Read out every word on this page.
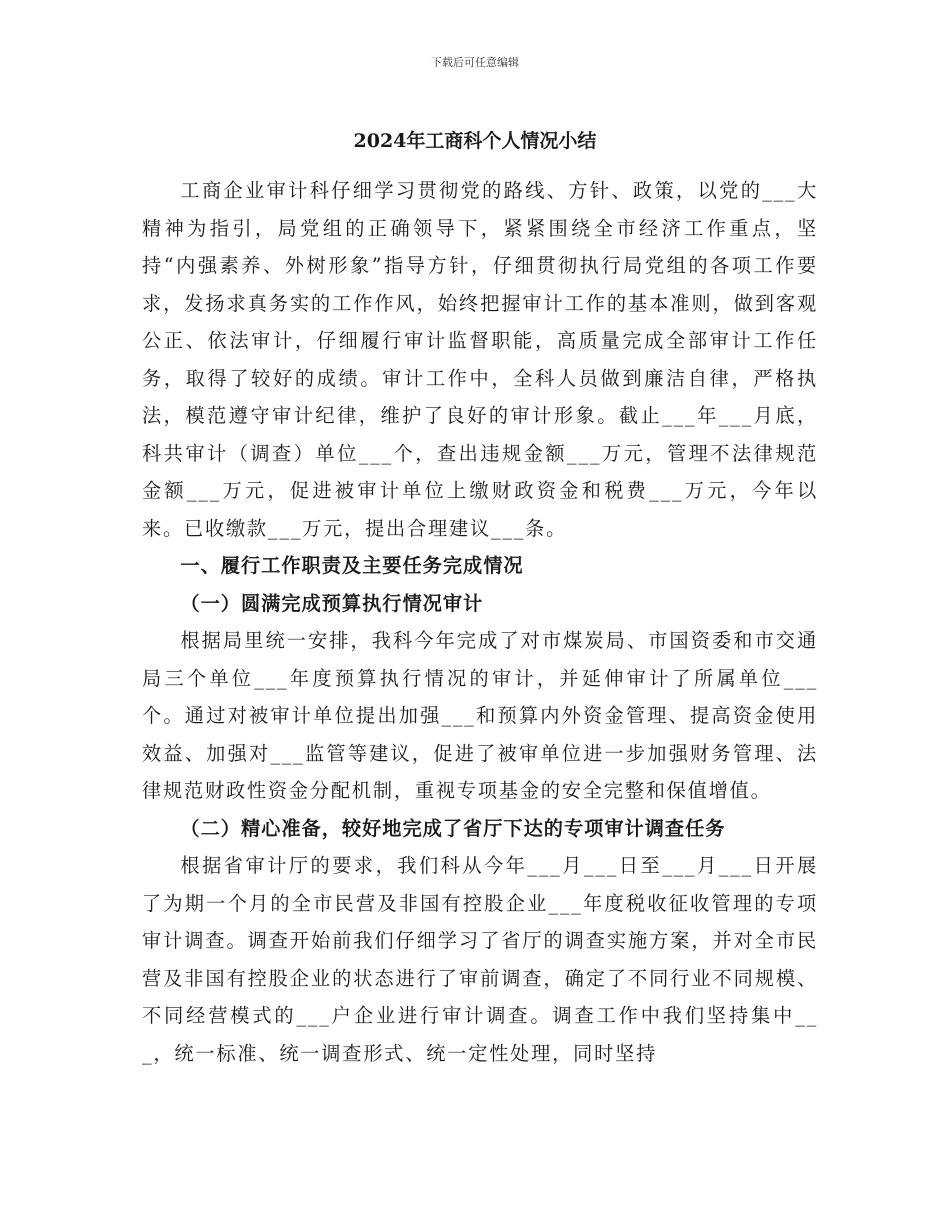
下载后可任意编辑
2024年工商科个人情况小结

工商企业审计科仔细学习贯彻党的路线、方针、政策，以党的___大精神为指引，局党组的正确领导下，紧紧围绕全市经济工作重点，坚持“内强素养、外树形象”指导方针，仔细贯彻执行局党组的各项工作要求，发扬求真务实的工作作风，始终把握审计工作的基本准则，做到客观公正、依法审计，仔细履行审计监督职能，高质量完成全部审计工作任务，取得了较好的成绩。审计工作中，全科人员做到廉洁自律，严格执法，模范遵守审计纪律，维护了良好的审计形象。截止___年___月底，科共审计（调查）单位___个，查出违规金额___万元，管理不法律规范金额___万元，促进被审计单位上缴财政资金和税费___万元，今年以来。已收缴款___万元，提出合理建议___条。

一、履行工作职责及主要任务完成情况

（一）圆满完成预算执行情况审计

根据局里统一安排，我科今年完成了对市煤炭局、市国资委和市交通局三个单位___年度预算执行情况的审计，并延伸审计了所属单位___个。通过对被审计单位提出加强___和预算内外资金管理、提高资金使用效益、加强对___监管等建议，促进了被审单位进一步加强财务管理、法律规范财政性资金分配机制，重视专项基金的安全完整和保值增值。

（二）精心准备，较好地完成了省厅下达的专项审计调查任务

根据省审计厅的要求，我们科从今年___月___日至___月___日开展了为期一个月的全市民营及非国有控股企业___年度税收征收管理的专项审计调查。调查开始前我们仔细学习了省厅的调查实施方案，并对全市民营及非国有控股企业的状态进行了审前调查，确定了不同行业不同规模、不同经营模式的___户企业进行审计调查。调查工作中我们坚持集中___，统一标准、统一调查形式、统一定性处理，同时坚持
